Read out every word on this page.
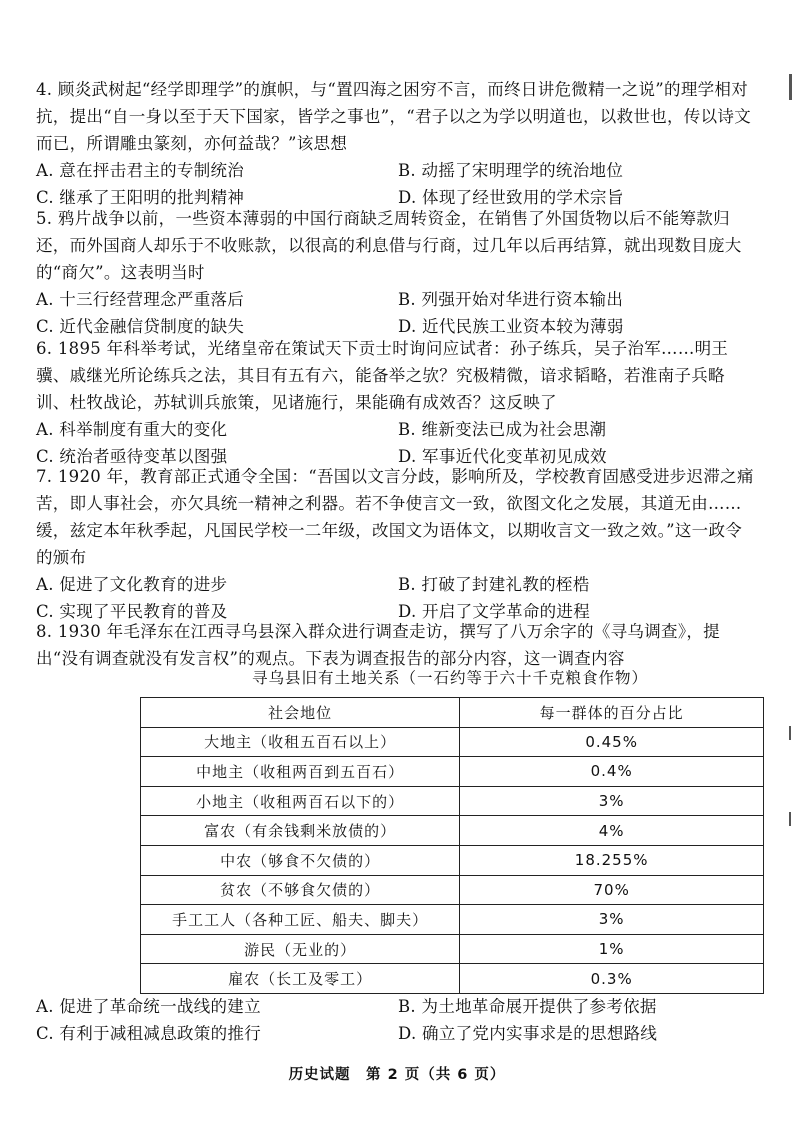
4. 顾炎武树起“经学即理学”的旗帜，与“置四海之困穷不言，而终日讲危微精一之说”的理学相对抗，提出“自一身以至于天下国家，皆学之事也”，“君子以之为学以明道也，以救世也，传以诗文而已，所谓雕虫篆刻，亦何益哉？”该思想

A. 意在抨击君主的专制统治	B. 动摇了宋明理学的统治地位
C. 继承了王阳明的批判精神	D. 体现了经世致用的学术宗旨

5. 鸦片战争以前，一些资本薄弱的中国行商缺乏周转资金，在销售了外国货物以后不能筹款归还，而外国商人却乐于不收账款，以很高的利息借与行商，过几年以后再结算，就出现数目庞大的“商欠”。这表明当时

A. 十三行经营理念严重落后	B. 列强开始对华进行资本输出
C. 近代金融信贷制度的缺失	D. 近代民族工业资本较为薄弱

6. 1895 年科举考试，光绪皇帝在策试天下贡士时询问应试者：孙子练兵，吴子治军……明王骥、戚继光所论练兵之法，其目有五有六，能备举之欤？究极精微，谙求韬略，若淮南子兵略训、杜牧战论，苏轼训兵旅策，见诸施行，果能确有成效否？这反映了

A. 科举制度有重大的变化	B. 维新变法已成为社会思潮
C. 统治者亟待变革以图强	D. 军事近代化变革初见成效

7. 1920 年，教育部正式通令全国：“吾国以文言分歧，影响所及，学校教育固感受进步迟滞之痛苦，即人事社会，亦欠具统一精神之利器。若不争使言文一致，欲图文化之发展，其道无由……缓，兹定本年秋季起，凡国民学校一二年级，改国文为语体文，以期收言文一致之效。”这一政令的颁布

A. 促进了文化教育的进步	B. 打破了封建礼教的桎梏
C. 实现了平民教育的普及	D. 开启了文学革命的进程

8. 1930 年毛泽东在江西寻乌县深入群众进行调查走访，撰写了八万余字的《寻乌调查》，提出“没有调查就没有发言权”的观点。下表为调查报告的部分内容，这一调查内容

寻乌县旧有土地关系（一石约等于六十千克粮食作物）
社会地位	每一群体的百分占比
大地主（收租五百石以上）	0.45%
中地主（收租两百到五百石）	0.4%
小地主（收租两百石以下的）	3%
富农（有余钱剩米放债的）	4%
中农（够食不欠债的）	18.255%
贫农（不够食欠债的）	70%
手工工人（各种工匠、船夫、脚夫）	3%
游民（无业的）	1%
雇农（长工及零工）	0.3%
A. 促进了革命统一战线的建立	B. 为土地革命展开提供了参考依据
C. 有利于减租减息政策的推行	D. 确立了党内实事求是的思想路线
历史试题　第 2 页（共 6 页）
